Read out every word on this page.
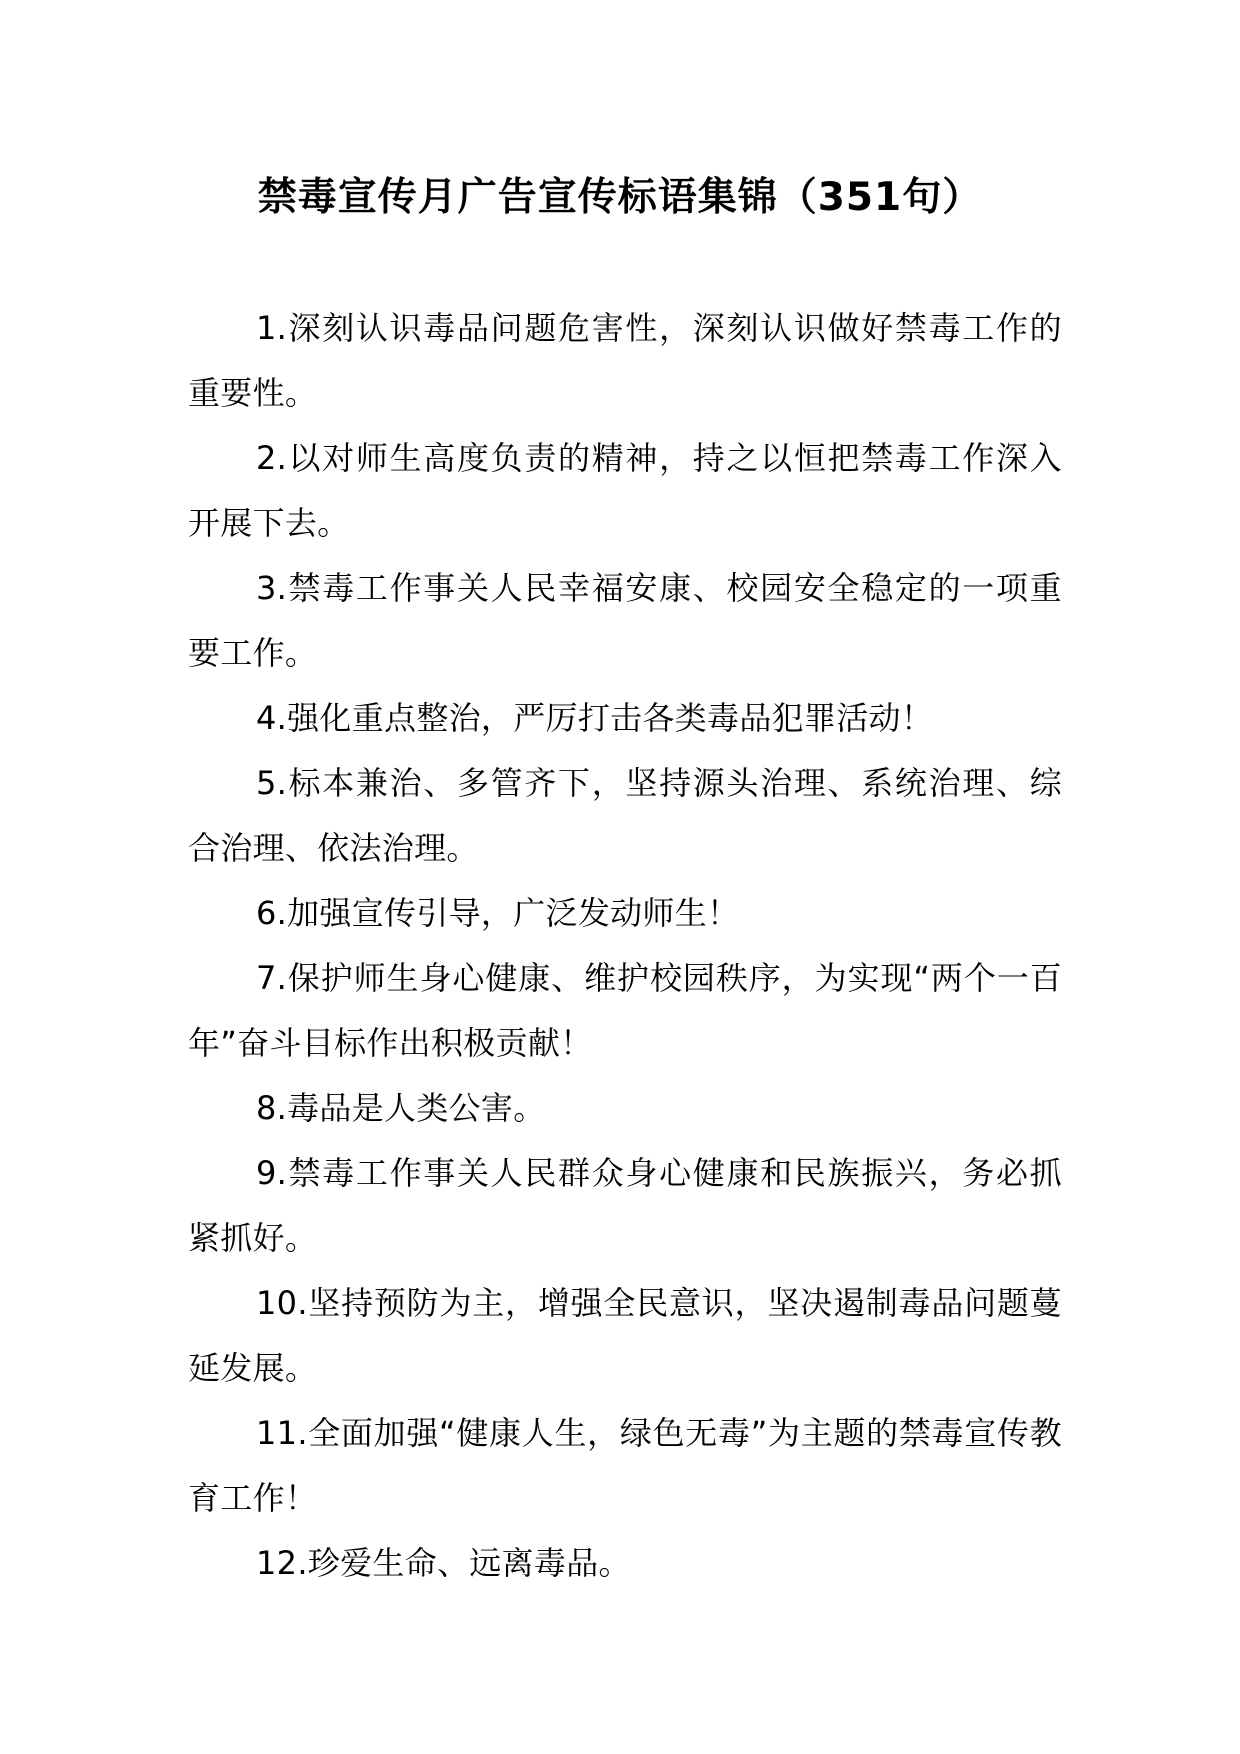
禁毒宣传月广告宣传标语集锦（351句）

1.深刻认识毒品问题危害性，深刻认识做好禁毒工作的重要性。

2.以对师生高度负责的精神，持之以恒把禁毒工作深入开展下去。

3.禁毒工作事关人民幸福安康、校园安全稳定的一项重要工作。

4.强化重点整治，严厉打击各类毒品犯罪活动！

5.标本兼治、多管齐下，坚持源头治理、系统治理、综合治理、依法治理。

6.加强宣传引导，广泛发动师生！

7.保护师生身心健康、维护校园秩序，为实现“两个一百年”奋斗目标作出积极贡献！

8.毒品是人类公害。

9.禁毒工作事关人民群众身心健康和民族振兴，务必抓紧抓好。

10.坚持预防为主，增强全民意识，坚决遏制毒品问题蔓延发展。

11.全面加强“健康人生，绿色无毒”为主题的禁毒宣传教育工作！

12.珍爱生命、远离毒品。
